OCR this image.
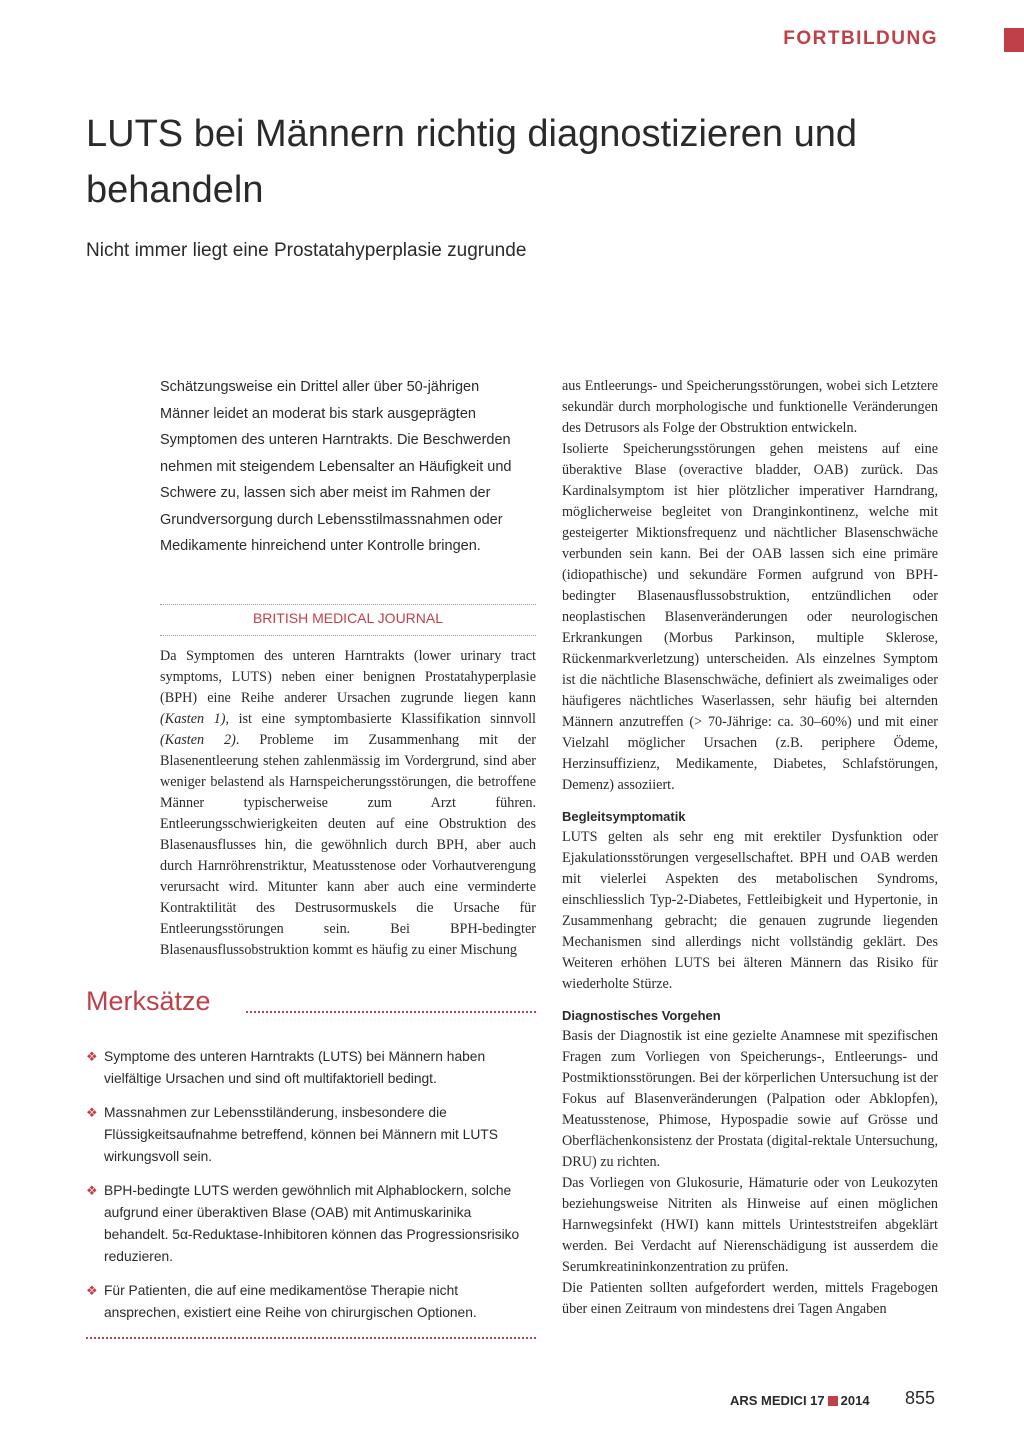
FORTBILDUNG
LUTS bei Männern richtig diagnostizieren und behandeln
Nicht immer liegt eine Prostatahyperplasie zugrunde
Schätzungsweise ein Drittel aller über 50-jährigen Männer leidet an moderat bis stark ausgeprägten Symptomen des unteren Harntrakts. Die Beschwerden nehmen mit steigendem Lebensalter an Häufigkeit und Schwere zu, lassen sich aber meist im Rahmen der Grundversorgung durch Lebensstilmassnahmen oder Medikamente hinreichend unter Kontrolle bringen.
BRITISH MEDICAL JOURNAL

Da Symptomen des unteren Harntrakts (lower urinary tract symptoms, LUTS) neben einer benignen Prostatahyperplasie (BPH) eine Reihe anderer Ursachen zugrunde liegen kann (Kasten 1), ist eine symptombasierte Klassifikation sinnvoll (Kasten 2). Probleme im Zusammenhang mit der Blasenentleerung stehen zahlenmässig im Vordergrund, sind aber weniger belastend als Harnspeicherungsstörungen, die betroffene Männer typischerweise zum Arzt führen. Entleerungsschwierigkeiten deuten auf eine Obstruktion des Blasenausflusses hin, die gewöhnlich durch BPH, aber auch durch Harnröhrenstriktur, Meatusstenose oder Vorhautverengung verursacht wird. Mitunter kann aber auch eine verminderte Kontraktilität des Destrusormuskels die Ursache für Entleerungsstörungen sein. Bei BPH-bedingter Blasenausflussobstruktion kommt es häufig zu einer Mischung

Merksätze
❖ Symptome des unteren Harntrakts (LUTS) bei Männern haben vielfältige Ursachen und sind oft multifaktoriell bedingt.
❖ Massnahmen zur Lebensstiländerung, insbesondere die Flüssigkeitsaufnahme betreffend, können bei Männern mit LUTS wirkungsvoll sein.
❖ BPH-bedingte LUTS werden gewöhnlich mit Alphablockern, solche aufgrund einer überaktiven Blase (OAB) mit Antimuskarinika behandelt. 5α-Reduktase-Inhibitoren können das Progressionsrisiko reduzieren.
❖ Für Patienten, die auf eine medikamentöse Therapie nicht ansprechen, existiert eine Reihe von chirurgischen Optionen.

aus Entleerungs- und Speicherungsstörungen, wobei sich Letztere sekundär durch morphologische und funktionelle Veränderungen des Detrusors als Folge der Obstruktion entwickeln.

Isolierte Speicherungsstörungen gehen meistens auf eine überaktive Blase (overactive bladder, OAB) zurück. Das Kardinalsymptom ist hier plötzlicher imperativer Harndrang, möglicherweise begleitet von Dranginkontinenz, welche mit gesteigerter Miktionsfrequenz und nächtlicher Blasenschwäche verbunden sein kann. Bei der OAB lassen sich eine primäre (idiopathische) und sekundäre Formen aufgrund von BPH-bedingter Blasenausflussobstruktion, entzündlichen oder neoplastischen Blasenveränderungen oder neurologischen Erkrankungen (Morbus Parkinson, multiple Sklerose, Rückenmarkverletzung) unterscheiden. Als einzelnes Symptom ist die nächtliche Blasenschwäche, definiert als zweimaliges oder häufigeres nächtliches Waserlassen, sehr häufig bei alternden Männern anzutreffen (> 70-Jährige: ca. 30–60%) und mit einer Vielzahl möglicher Ursachen (z.B. periphere Ödeme, Herzinsuffizienz, Medikamente, Diabetes, Schlafstörungen, Demenz) assoziiert.

Begleitsymptomatik

LUTS gelten als sehr eng mit erektiler Dysfunktion oder Ejakulationsstörungen vergesellschaftet. BPH und OAB werden mit vielerlei Aspekten des metabolischen Syndroms, einschliesslich Typ-2-Diabetes, Fettleibigkeit und Hypertonie, in Zusammenhang gebracht; die genauen zugrunde liegenden Mechanismen sind allerdings nicht vollständig geklärt. Des Weiteren erhöhen LUTS bei älteren Männern das Risiko für wiederholte Stürze.

Diagnostisches Vorgehen

Basis der Diagnostik ist eine gezielte Anamnese mit spezifischen Fragen zum Vorliegen von Speicherungs-, Entleerungs- und Postmiktionsstörungen. Bei der körperlichen Untersuchung ist der Fokus auf Blasenveränderungen (Palpation oder Abklopfen), Meatusstenose, Phimose, Hypospadie sowie auf Grösse und Oberflächenkonsistenz der Prostata (digital-rektale Untersuchung, DRU) zu richten.

Das Vorliegen von Glukosurie, Hämaturie oder von Leukozyten beziehungsweise Nitriten als Hinweise auf einen möglichen Harnwegsinfekt (HWI) kann mittels Urinteststreifen abgeklärt werden. Bei Verdacht auf Nierenschädigung ist ausserdem die Serumkreatininkonzentration zu prüfen.

Die Patienten sollten aufgefordert werden, mittels Fragebogen über einen Zeitraum von mindestens drei Tagen Angaben

ARS MEDICI 17 2014 855
